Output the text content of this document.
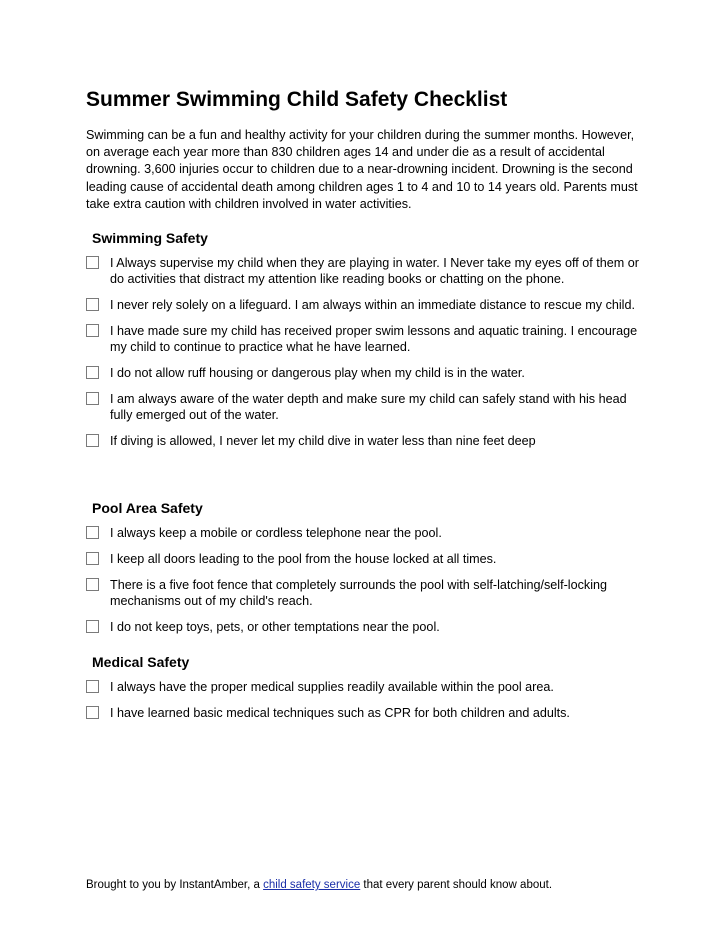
Summer Swimming Child Safety Checklist

Swimming can be a fun and healthy activity for your children during the summer months. However, on average each year more than 830 children ages 14 and under die as a result of accidental drowning. 3,600 injuries occur to children due to a near-drowning incident. Drowning is the second leading cause of accidental death among children ages 1 to 4 and 10 to 14 years old. Parents must take extra caution with children involved in water activities.

Swimming Safety
I Always supervise my child when they are playing in water. I Never take my eyes off of them or do activities that distract my attention like reading books or chatting on the phone.
I never rely solely on a lifeguard. I am always within an immediate distance to rescue my child.
I have made sure my child has received proper swim lessons and aquatic training. I encourage my child to continue to practice what he have learned.
I do not allow ruff housing or dangerous play when my child is in the water.
I am always aware of the water depth and make sure my child can safely stand with his head fully emerged out of the water.
If diving is allowed, I never let my child dive in water less than nine feet deep
Pool Area Safety
I always keep a mobile or cordless telephone near the pool.
I keep all doors leading to the pool from the house locked at all times.
There is a five foot fence that completely surrounds the pool with self-latching/self-locking mechanisms out of my child's reach.
I do not keep toys, pets, or other temptations near the pool.
Medical Safety
I always have the proper medical supplies readily available within the pool area.
I have learned basic medical techniques such as CPR for both children and adults.
Brought to you by InstantAmber, a child safety service that every parent should know about.
